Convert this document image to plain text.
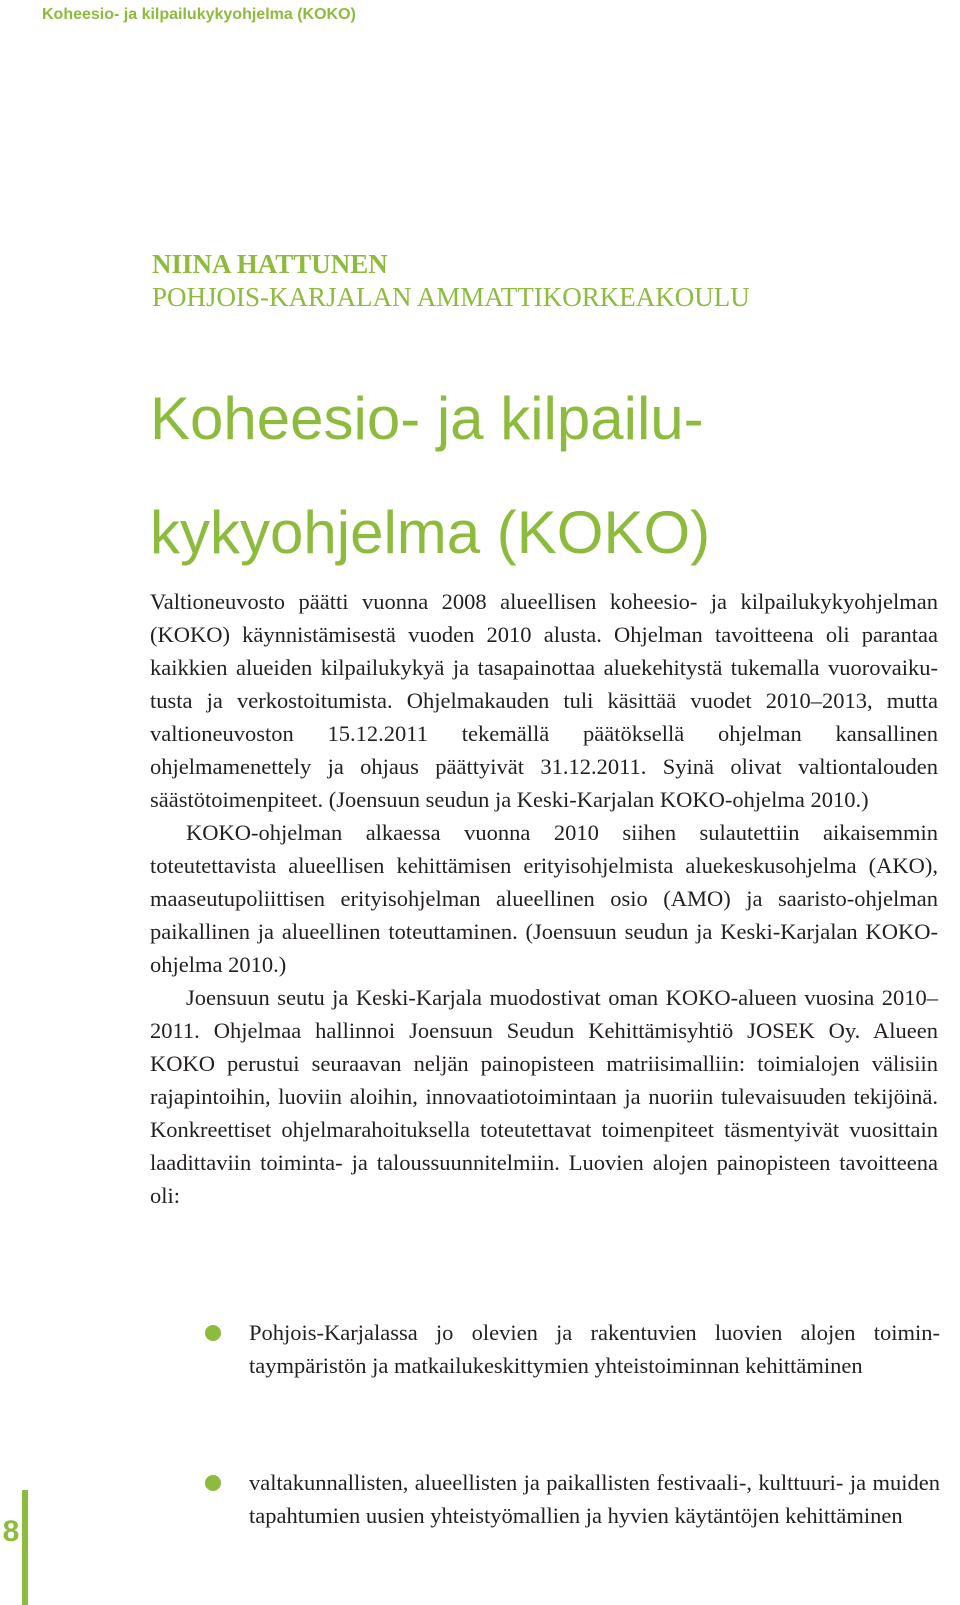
Koheesio- ja kilpailukykyohjelma (KOKO)
NIINA HATTUNEN
POHJOIS-KARJALAN AMMATTIKORKEAKOULU
Koheesio- ja kilpailu-
kykyohjelma (KOKO)

Valtioneuvosto päätti vuonna 2008 alueellisen koheesio- ja kilpailukykyohjelman (KOKO) käynnistämisestä vuoden 2010 alusta. Ohjelman tavoitteena oli parantaa kaikkien alueiden kilpailukykyä ja tasapainottaa aluekehitystä tukemalla vuorovaikutusta ja verkostoitumista. Ohjelmakauden tuli käsittää vuodet 2010–2013, mutta valtioneuvoston 15.12.2011 tekemällä päätöksellä ohjelman kansallinen ohjelmamenettely ja ohjaus päättyivät 31.12.2011. Syinä olivat valtiontalouden säästötoimenpiteet. (Joensuun seudun ja Keski-Karjalan KOKO-ohjelma 2010.)

KOKO-ohjelman alkaessa vuonna 2010 siihen sulautettiin aikaisemmin toteutettavista alueellisen kehittämisen erityisohjelmista aluekeskusohjelma (AKO), maaseutupoliittisen erityisohjelman alueellinen osio (AMO) ja saaristo-ohjelman paikallinen ja alueellinen toteuttaminen. (Joensuun seudun ja Keski-Karjalan KOKO-ohjelma 2010.)

Joensuun seutu ja Keski-Karjala muodostivat oman KOKO-alueen vuosina 2010–2011. Ohjelmaa hallinnoi Joensuun Seudun Kehittämisyhtiö JOSEK Oy. Alueen KOKO perustui seuraavan neljän painopisteen matriisimalliin: toimialojen välisiin rajapintoihin, luoviin aloihin, innovaatiotoimintaan ja nuoriin tulevaisuuden tekijöinä. Konkreettiset ohjelmarahoituksella toteutettavat toimenpiteet täsmentyivät vuosittain laadittaviin toiminta- ja taloussuunnitelmiin. Luovien alojen painopisteen tavoitteena oli:

Pohjois-Karjalassa jo olevien ja rakentuvien luovien alojen toimintaympäristön ja matkailukeskittymien yhteistoiminnan kehittäminen
valtakunnallisten, alueellisten ja paikallisten festivaali-, kulttuuri- ja muiden tapahtumien uusien yhteistyömallien ja hyvien käytäntöjen kehittäminen
8
